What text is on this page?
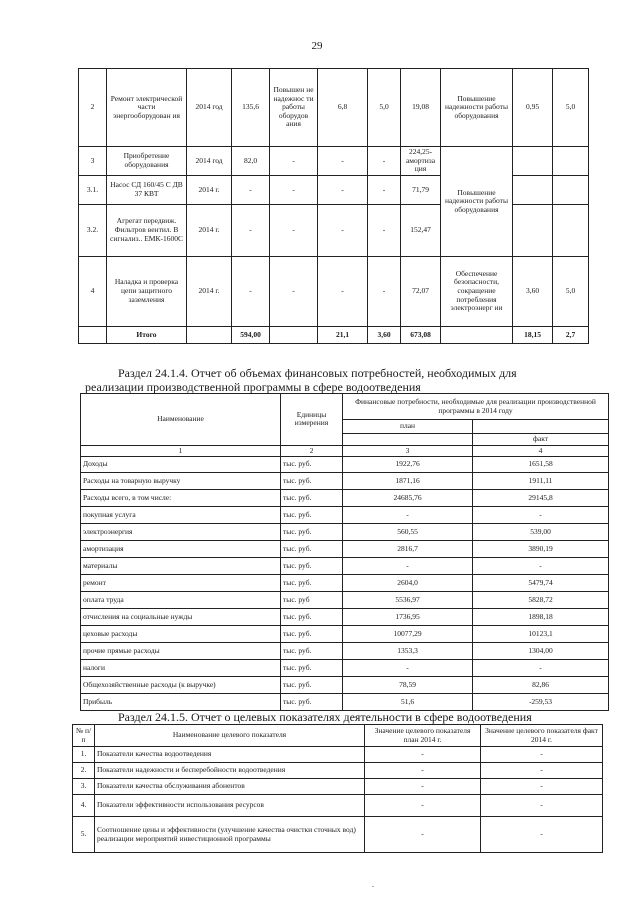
29
2	Ремонт электрической части энергооборудован ия	2014 год	135,6	Повышен не надежнос ти работы оборудов ания	6,8	5,0	19,08	Повышение надежности работы оборудования	0,95	5,0
3	Приобретение оборудования	2014 год	82,0	-	-	-	224,25- амортиза ция	Повышение надежности работы оборудования		
3.1.	Насос СД 160/45 С ДВ 37 КВТ	2014 г.	-	-	-	-	71,79			
3.2.	Агрегат передвиж. Фильтров вентил. В сигнализ.. ЕМК-1600С	2014 г.	-	-	-	-	152,47			
4	Наладка и проверка цепи защитного заземления	2014 г.	-	-	-	-	72,07	Обеспечение безопасности, сокращение потребления электроэнерг ии	3,60	5,0
	Итого		594,00		21,1	3,60	673,08		18,15	2,7
Раздел 24.1.4. Отчет об объемах финансовых потребностей, необходимых для
реализации производственной программы в сфере водоотведения
Наименование	Единицы измерения	Финансовые потребности, необходимые для реализации производственной программы в 2014 году	
		план	
			факт
1	2	3	4
Доходы	тыс. руб.	1922,76	1651,58
Расходы на товарную выручку	тыс. руб.	1871,16	1911,11
Расходы всего, в том числе:	тыс. руб.	24685,76	29145,8
покупная услуга	тыс. руб.	-	-
электроэнергия	тыс. руб.	560,55	539,00
амортизация	тыс. руб.	2816,7	3890,19
материалы	тыс. руб.	-	-
ремонт	тыс. руб.	2604,0	5479,74
оплата труда	тыс. руб	5536,97	5828,72
отчисления на социальные нужды	тыс. руб.	1736,95	1898,18
цеховые расходы	тыс. руб.	10077,29	10123,1
прочие прямые расходы	тыс. руб.	1353,3	1304,00
налоги	тыс. руб.	-	-
Общехозяйственные расходы (к выручке)	тыс. руб.	78,59	82,86
Прибыль	тыс. руб.	51,6	-259,53
Раздел 24.1.5. Отчет о целевых показателях деятельности в сфере водоотведения
№ п/п	Наименование целевого показателя	Значение целевого показателя план 2014 г.	Значение целевого показателя факт 2014 г.
1.	Показатели качества водоотведения	-	-
2.	Показатели надежности и бесперебойности водоотведения	-	-
3.	Показатели качества обслуживания абонентов	-	-
4.	Показатели эффективности использования ресурсов	-	-
5.	Соотношение цены и эффективности (улучшение качества очистки сточных вод) реализации мероприятий инвестиционной программы	-	-
.
